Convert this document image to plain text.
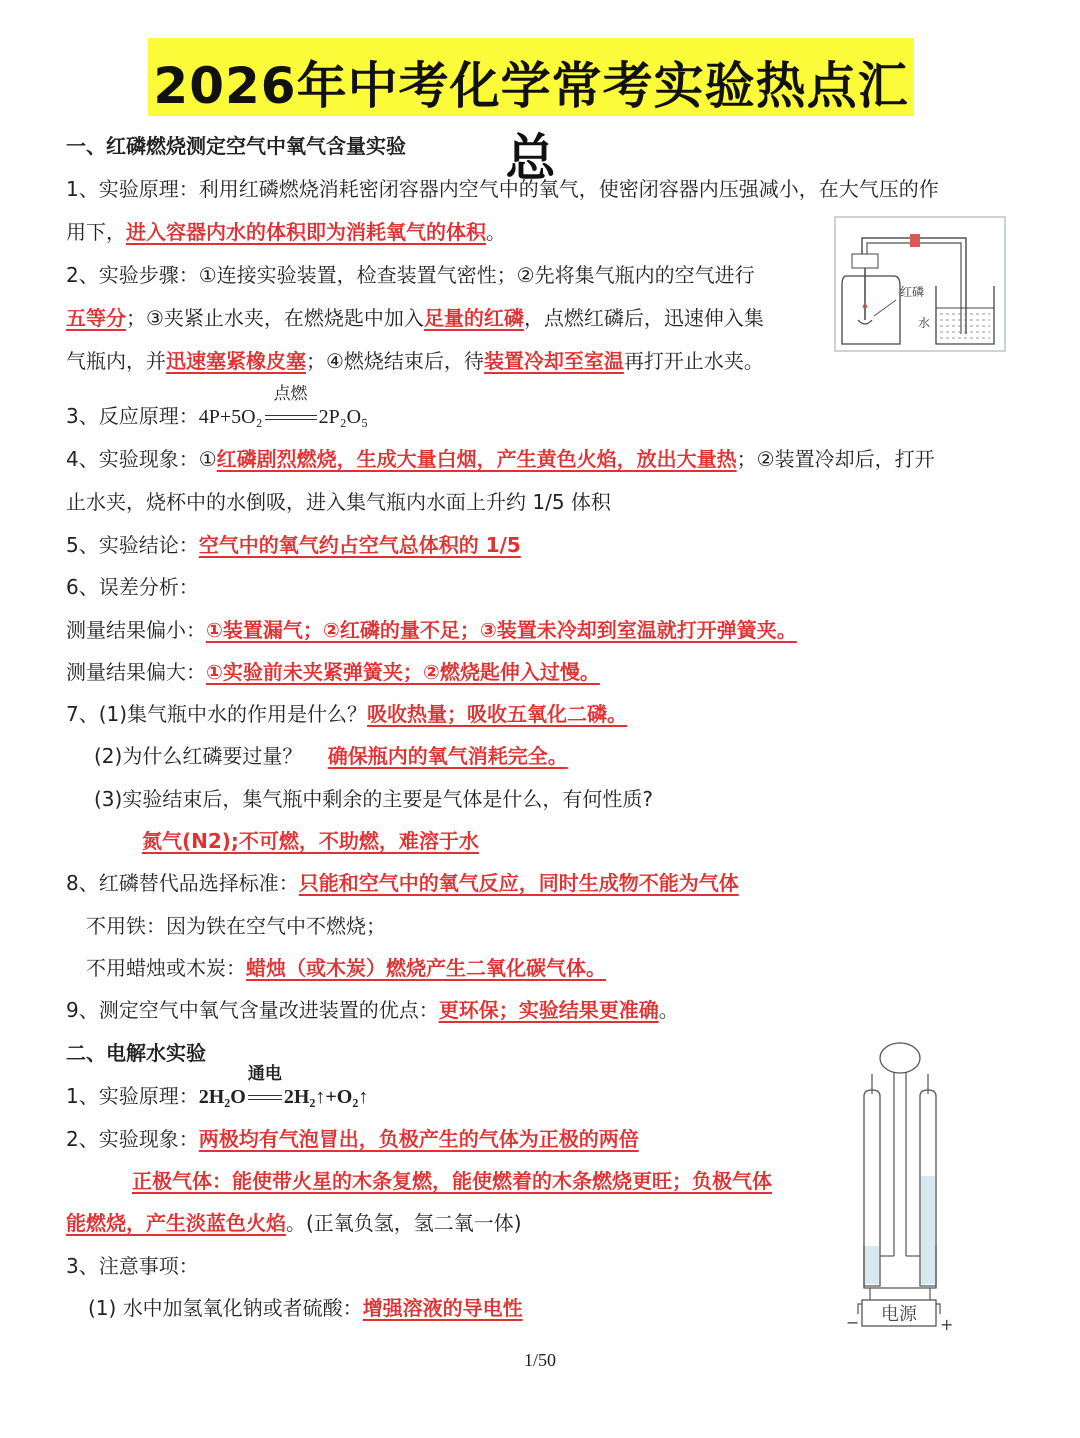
2026年中考化学常考实验热点汇总
一、红磷燃烧测定空气中氧气含量实验
1、实验原理：利用红磷燃烧消耗密闭容器内空气中的氧气，使密闭容器内压强减小，在大气压的作
用下，进入容器内水的体积即为消耗氧气的体积。
2、实验步骤：①连接实验装置，检查装置气密性；②先将集气瓶内的空气进行
五等分；③夹紧止水夹，在燃烧匙中加入足量的红磷，点燃红磷后，迅速伸入集
气瓶内，并迅速塞紧橡皮塞；④燃烧结束后，待装置冷却至室温再打开止水夹。
3、反应原理：4P+5O₂
点燃
2P₂O₅
4、实验现象：①红磷剧烈燃烧，生成大量白烟，产生黄色火焰，放出大量热；②装置冷却后，打开
止水夹，烧杯中的水倒吸，进入集气瓶内水面上升约 1/5 体积
5、实验结论：空气中的氧气约占空气总体积的 1/5
6、误差分析：
测量结果偏小：①装置漏气；②红磷的量不足；③装置未冷却到室温就打开弹簧夹。
测量结果偏大：①实验前未夹紧弹簧夹；②燃烧匙伸入过慢。
7、(1)集气瓶中水的作用是什么？吸收热量；吸收五氧化二磷。
(2)为什么红磷要过量？ 确保瓶内的氧气消耗完全。
(3)实验结束后，集气瓶中剩余的主要是气体是什么，有何性质?
氮气(N2);不可燃，不助燃，难溶于水
8、红磷替代品选择标准：只能和空气中的氧气反应，同时生成物不能为气体
不用铁：因为铁在空气中不燃烧；
不用蜡烛或木炭：蜡烛（或木炭）燃烧产生二氧化碳气体。
9、测定空气中氧气含量改进装置的优点：更环保；实验结果更准确。
二、电解水实验
1、实验原理：2H₂O
通电
2H₂↑+O₂↑
2、实验现象：两极均有气泡冒出，负极产生的气体为正极的两倍
正极气体：能使带火星的木条复燃，能使燃着的木条燃烧更旺；负极气体
能燃烧，产生淡蓝色火焰。(正氧负氢，氢二氧一体)
3、注意事项：
(1) 水中加氢氧化钠或者硫酸：增强溶液的导电性
红磷
水
电源
−	+
1/50
